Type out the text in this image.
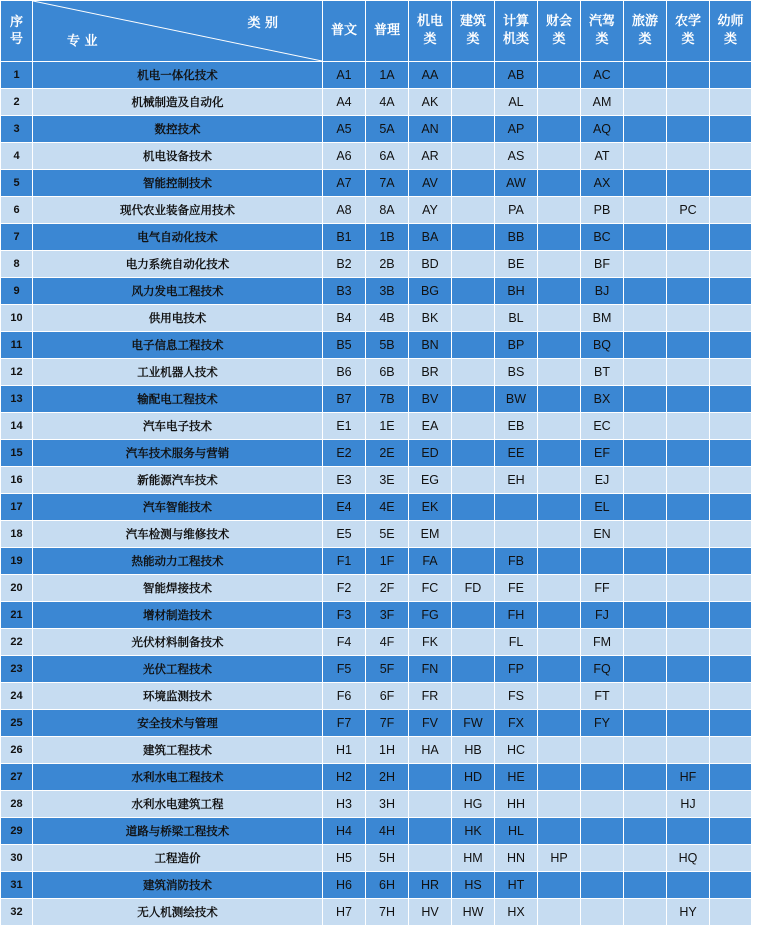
序号	类 别
专 业	普文	普理	机电类	建筑类	计算机类	财会类	汽驾类	旅游类	农学类	幼师类

1	机电一体化技术	A1	1A	AA		AB		AC			
2	机械制造及自动化	A4	4A	AK		AL		AM			
3	数控技术	A5	5A	AN		AP		AQ			
4	机电设备技术	A6	6A	AR		AS		AT			
5	智能控制技术	A7	7A	AV		AW		AX			
6	现代农业装备应用技术	A8	8A	AY		PA		PB		PC	
7	电气自动化技术	B1	1B	BA		BB		BC			
8	电力系统自动化技术	B2	2B	BD		BE		BF			
9	风力发电工程技术	B3	3B	BG		BH		BJ			
10	供用电技术	B4	4B	BK		BL		BM			
11	电子信息工程技术	B5	5B	BN		BP		BQ			
12	工业机器人技术	B6	6B	BR		BS		BT			
13	输配电工程技术	B7	7B	BV		BW		BX			
14	汽车电子技术	E1	1E	EA		EB		EC			
15	汽车技术服务与营销	E2	2E	ED		EE		EF			
16	新能源汽车技术	E3	3E	EG		EH		EJ			
17	汽车智能技术	E4	4E	EK				EL			
18	汽车检测与维修技术	E5	5E	EM				EN			
19	热能动力工程技术	F1	1F	FA		FB					
20	智能焊接技术	F2	2F	FC	FD	FE		FF			
21	增材制造技术	F3	3F	FG		FH		FJ			
22	光伏材料制备技术	F4	4F	FK		FL		FM			
23	光伏工程技术	F5	5F	FN		FP		FQ			
24	环境监测技术	F6	6F	FR		FS		FT			
25	安全技术与管理	F7	7F	FV	FW	FX		FY			
26	建筑工程技术	H1	1H	HA	HB	HC					
27	水利水电工程技术	H2	2H		HD	HE				HF	
28	水利水电建筑工程	H3	3H		HG	HH				HJ	
29	道路与桥梁工程技术	H4	4H		HK	HL					
30	工程造价	H5	5H		HM	HN	HP			HQ	
31	建筑消防技术	H6	6H	HR	HS	HT					
32	无人机测绘技术	H7	7H	HV	HW	HX				HY	
